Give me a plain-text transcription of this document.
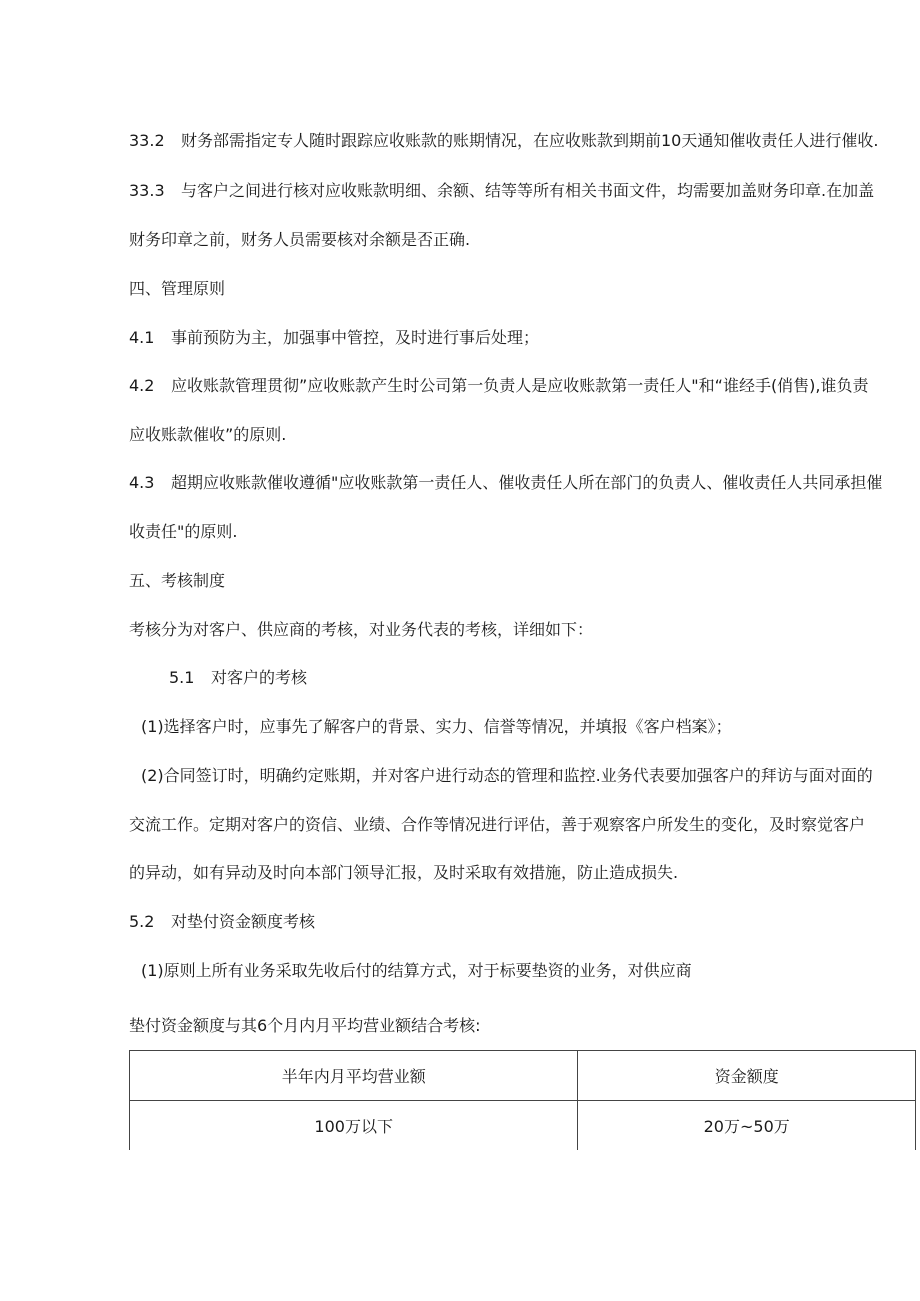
33.2 财务部需指定专人随时跟踪应收账款的账期情况，在应收账款到期前10天通知催收责任人进行催收.
33.3 与客户之间进行核对应收账款明细、余额、结等等所有相关书面文件，均需要加盖财务印章.在加盖
财务印章之前，财务人员需要核对余额是否正确.
四、管理原则
4.1 事前预防为主，加强事中管控，及时进行事后处理；
4.2 应收账款管理贯彻”应收账款产生时公司第一负责人是应收账款第一责任人"和“谁经手(俏售),谁负责
应收账款催收”的原则.
4.3 超期应收账款催收遵循"应收账款第一责任人、催收责任人所在部门的负责人、催收责任人共同承担催
收责任"的原则.
五、考核制度
考核分为对客户、供应商的考核，对业务代表的考核，详细如下：
5.1 对客户的考核
(1)选择客户时，应事先了解客户的背景、实力、信誉等情况，并填报《客户档案》；
(2)合同签订时，明确约定账期，并对客户进行动态的管理和监控.业务代表要加强客户的拜访与面对面的
交流工作。定期对客户的资信、业绩、合作等情况进行评估，善于观察客户所发生的变化，及时察觉客户
的异动，如有异动及时向本部门领导汇报，及时采取有效措施，防止造成损失.
5.2 对垫付资金额度考核
(1)原则上所有业务采取先收后付的结算方式，对于标要垫资的业务，对供应商
垫付资金额度与其6个月内月平均营业额结合考核:
半年内月平均营业额	资金额度
100万以下	20万~50万
